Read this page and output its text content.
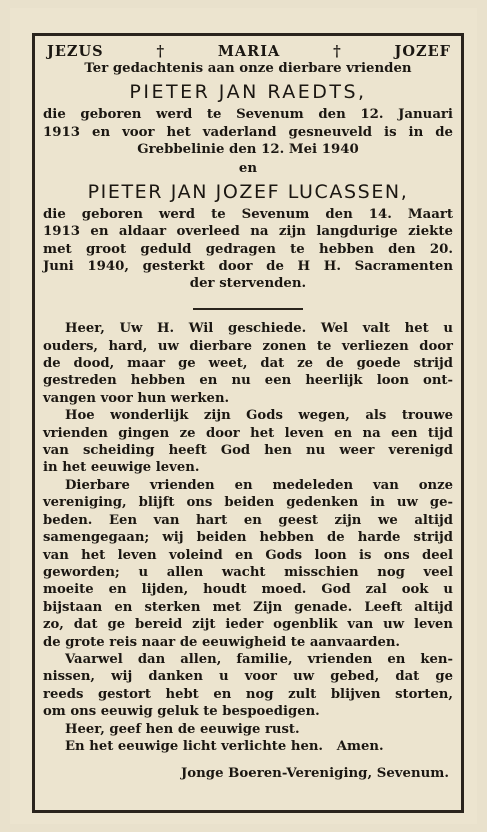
JEZUS	†	MARIA	†	JOZEF
Ter gedachtenis aan onze dierbare vrienden
PIETER JAN RAEDTS,
die geboren werd te Sevenum den 12. Januari
1913 en voor het vaderland gesneuveld is in de
Grebbelinie den 12. Mei 1940
en
PIETER JAN JOZEF LUCASSEN,
die geboren werd te Sevenum den 14. Maart
1913 en aldaar overleed na zijn langdurige ziekte
met groot geduld gedragen te hebben den 20.
Juni 1940, gesterkt door de H H. Sacramenten
der stervenden.
Heer, Uw H. Wil geschiede. Wel valt het u
ouders, hard, uw dierbare zonen te verliezen door
de dood, maar ge weet, dat ze de goede strijd
gestreden hebben en nu een heerlijk loon ont-
vangen voor hun werken.
Hoe wonderlijk zijn Gods wegen, als trouwe
vrienden gingen ze door het leven en na een tijd
van scheiding heeft God hen nu weer verenigd
in het eeuwige leven.
Dierbare vrienden en medeleden van onze
vereniging, blijft ons beiden gedenken in uw ge-
beden. Een van hart en geest zijn we altijd
samengegaan; wij beiden hebben de harde strijd
van het leven voleind en Gods loon is ons deel
geworden; u allen wacht misschien nog veel
moeite en lijden, houdt moed. God zal ook u
bijstaan en sterken met Zijn genade. Leeft altijd
zo, dat ge bereid zijt ieder ogenblik van uw leven
de grote reis naar de eeuwigheid te aanvaarden.
Vaarwel dan allen, familie, vrienden en ken-
nissen, wij danken u voor uw gebed, dat ge
reeds gestort hebt en nog zult blijven storten,
om ons eeuwig geluk te bespoedigen.
Heer, geef hen de eeuwige rust.
En het eeuwige licht verlichte hen.   Amen.
Jonge Boeren-Vereniging, Sevenum.
